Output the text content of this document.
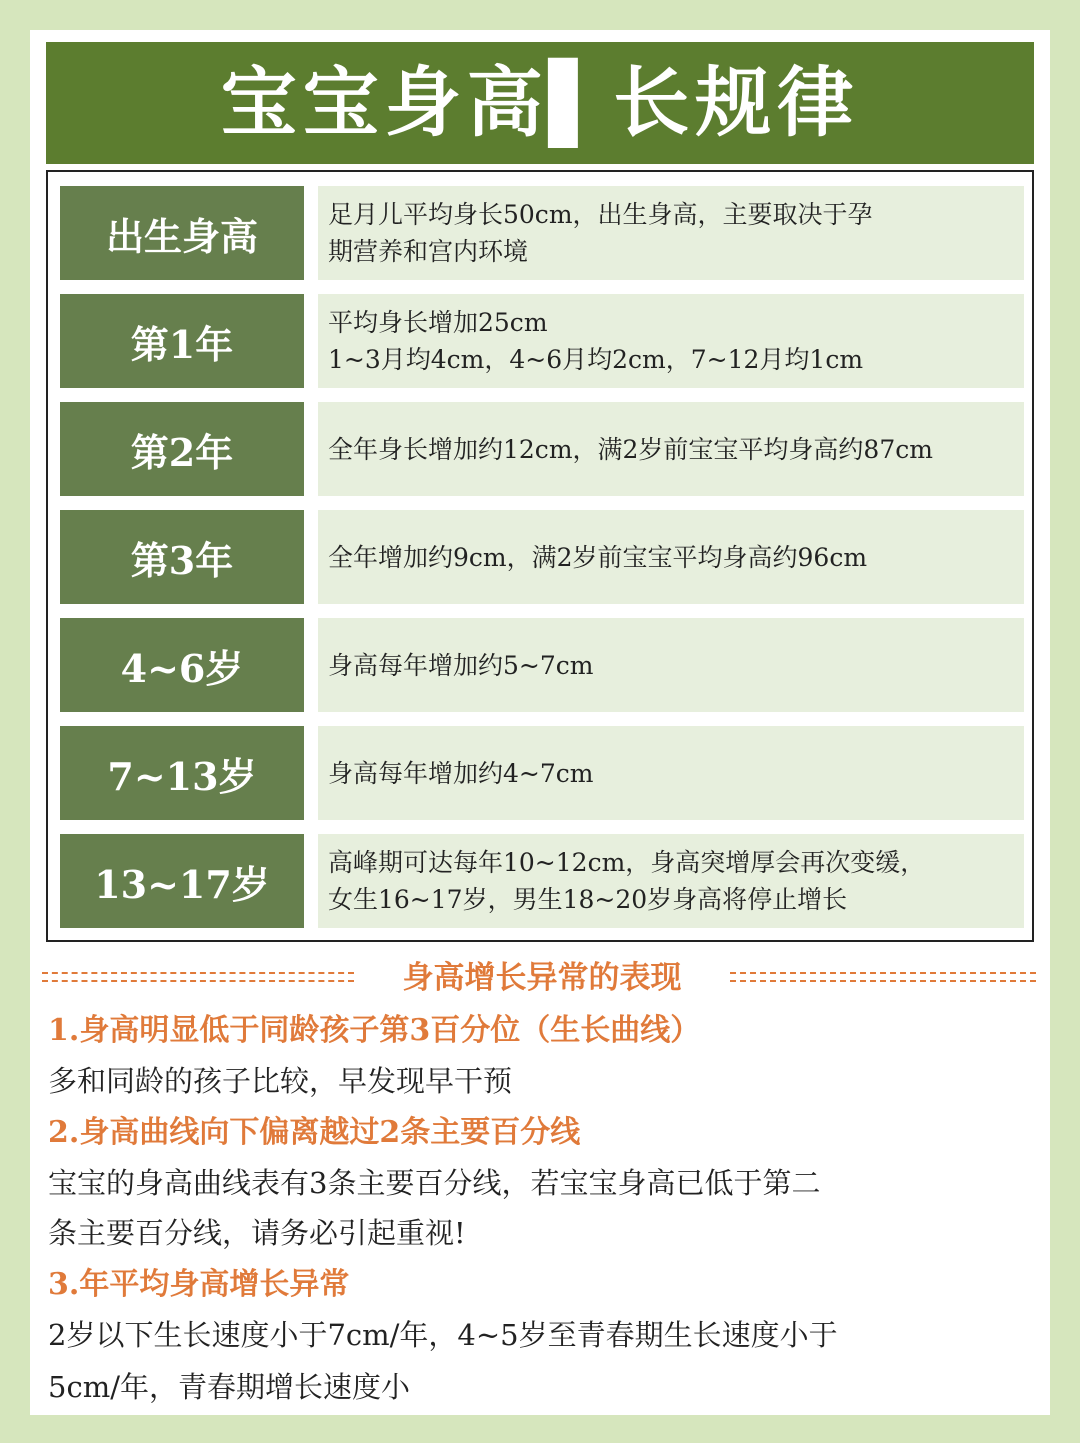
宝宝身高▌长规律
出生身高	足月儿平均身长50cm，出生身高，主要取决于孕
期营养和宫内环境
第1年	平均身长增加25cm
1~3月均4cm，4~6月均2cm，7~12月均1cm
第2年	全年身长增加约12cm，满2岁前宝宝平均身高约87cm
第3年	全年增加约9cm，满2岁前宝宝平均身高约96cm
4~6岁	身高每年增加约5~7cm
7~13岁	身高每年增加约4~7cm
13~17岁	高峰期可达每年10~12cm，身高突增厚会再次变缓，
女生16~17岁，男生18~20岁身高将停止增长
身高增长异常的表现
1.身高明显低于同龄孩子第3百分位（生长曲线）
多和同龄的孩子比较，早发现早干预
2.身高曲线向下偏离越过2条主要百分线
宝宝的身高曲线表有3条主要百分线，若宝宝身高已低于第二
条主要百分线，请务必引起重视!
3.年平均身高增长异常
2岁以下生长速度小于7cm/年，4~5岁至青春期生长速度小于
5cm/年，青春期增长速度小
